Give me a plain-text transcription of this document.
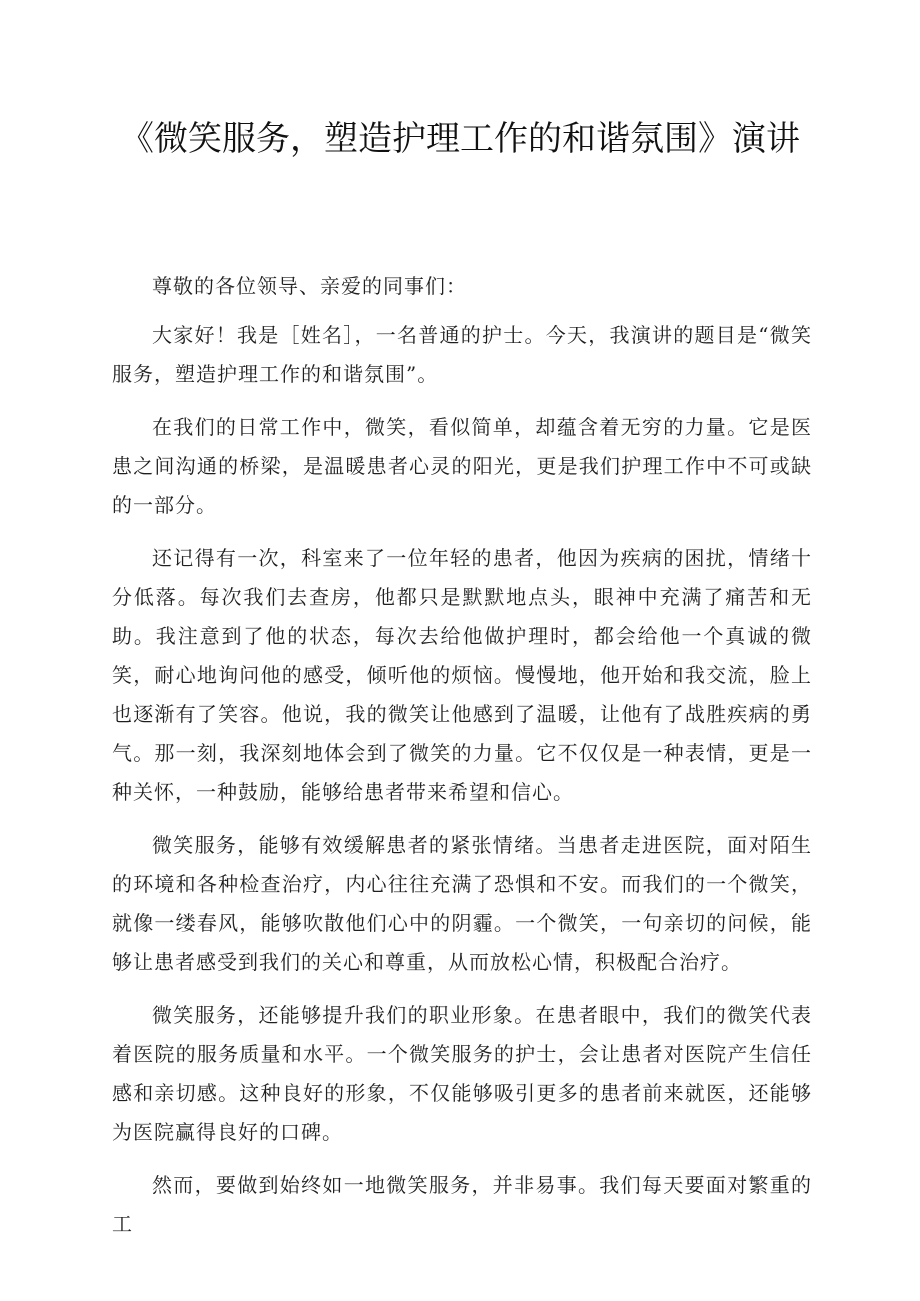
《微笑服务，塑造护理工作的和谐氛围》演讲

尊敬的各位领导、亲爱的同事们：

大家好！我是［姓名］，一名普通的护士。今天，我演讲的题目是“微笑服务，塑造护理工作的和谐氛围”。

在我们的日常工作中，微笑，看似简单，却蕴含着无穷的力量。它是医患之间沟通的桥梁，是温暖患者心灵的阳光，更是我们护理工作中不可或缺的一部分。

还记得有一次，科室来了一位年轻的患者，他因为疾病的困扰，情绪十分低落。每次我们去查房，他都只是默默地点头，眼神中充满了痛苦和无助。我注意到了他的状态，每次去给他做护理时，都会给他一个真诚的微笑，耐心地询问他的感受，倾听他的烦恼。慢慢地，他开始和我交流，脸上也逐渐有了笑容。他说，我的微笑让他感到了温暖，让他有了战胜疾病的勇气。那一刻，我深刻地体会到了微笑的力量。它不仅仅是一种表情，更是一种关怀，一种鼓励，能够给患者带来希望和信心。

微笑服务，能够有效缓解患者的紧张情绪。当患者走进医院，面对陌生的环境和各种检查治疗，内心往往充满了恐惧和不安。而我们的一个微笑，就像一缕春风，能够吹散他们心中的阴霾。一个微笑，一句亲切的问候，能够让患者感受到我们的关心和尊重，从而放松心情，积极配合治疗。

微笑服务，还能够提升我们的职业形象。在患者眼中，我们的微笑代表着医院的服务质量和水平。一个微笑服务的护士，会让患者对医院产生信任感和亲切感。这种良好的形象，不仅能够吸引更多的患者前来就医，还能够为医院赢得良好的口碑。

然而，要做到始终如一地微笑服务，并非易事。我们每天要面对繁重的工
